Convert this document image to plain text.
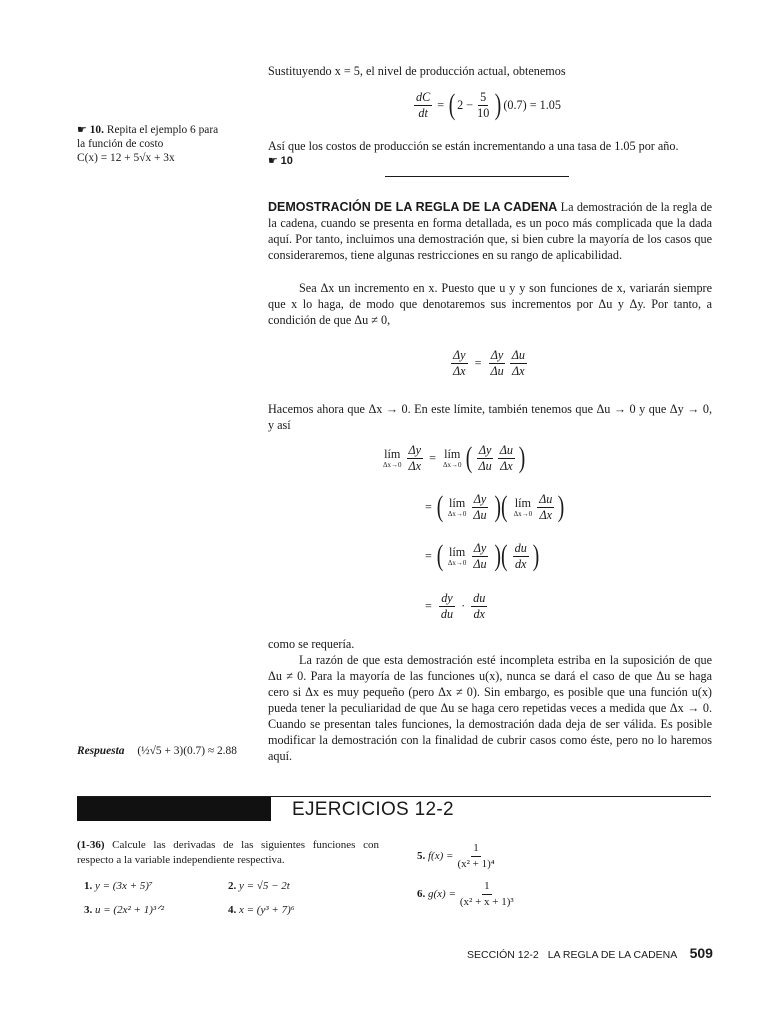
Sustituyendo x = 5, el nivel de producción actual, obtenemos
$\frac{dC}{dt}$ = ( $2 - \frac{5}{10}$ ) (0.7) = 1.05
Así que los costos de producción se están incrementando a una tasa de 1.05 por año.
☛ 10
☛ 10. Repita el ejemplo 6 para
la función de costo
C(x) = 12 + 5√x + 3x
DEMOSTRACIÓN DE LA REGLA DE LA CADENA La demostración de la regla de la cadena, cuando se presenta en forma detallada, es un poco más complicada que la dada aquí. Por tanto, incluimos una demostración que, si bien cubre la mayoría de los casos que consideraremos, tiene algunas restricciones en su rango de aplicabilidad.
Sea Δx un incremento en x. Puesto que u y y son funciones de x, variarán siempre que x lo haga, de modo que denotaremos sus incrementos por Δu y Δy. Por tanto, a condición de que Δu ≠ 0,
$\frac{\Delta y}{\Delta x} = \frac{\Delta y}{\Delta u} \frac{\Delta u}{\Delta x}$
Hacemos ahora que Δx → 0. En este límite, también tenemos que Δu → 0 y que Δy → 0, y así
lím
$\Delta x\to 0 \frac{\Delta y}{\Delta x}$ = lím
Δx→0 ( $\frac{\Delta y}{\Delta u} \frac{\Delta u}{\Delta x}$ )
= ( lím
$\Delta x\to 0 \frac{\Delta y}{\Delta u}$ )( lím
$\Delta x\to 0 \frac{\Delta u}{\Delta x}$ )
= ( lím
$\Delta x\to 0 \frac{\Delta y}{\Delta u}$ )( $\frac{du}{dx}$ )
= $\frac{dy}{du} \cdot \frac{du}{dx}$
como se requería.
La razón de que esta demostración esté incompleta estriba en la suposición de que Δu ≠ 0. Para la mayoría de las funciones u(x), nunca se dará el caso de que Δu se haga cero si Δx es muy pequeño (pero Δx ≠ 0). Sin embargo, es posible que una función u(x) pueda tener la peculiaridad de que Δu se haga cero repetidas veces a medida que Δx → 0. Cuando se presentan tales funciones, la demostración dada deja de ser válida. Es posible modificar la demostración con la finalidad de cubrir casos como éste, pero no lo haremos aquí.
Respuesta (½√5 + 3)(0.7) ≈ 2.88
EJERCICIOS 12-2
(1-36) Calcule las derivadas de las siguientes funciones con respecto a la variable independiente respectiva.
1. y = (3x + 5)⁷	2. y = √5 − 2t
3. u = (2x² + 1)³ᐟ²	4. x = (y³ + 7)⁶
5.
$f(x) = \frac{1}{\text{(x² + 1)⁴}}$
6.
$g(x) = \frac{1}{\text{(x² + x + 1)³}}$
SECCIÓN 12-2 LA REGLA DE LA CADENA 509
